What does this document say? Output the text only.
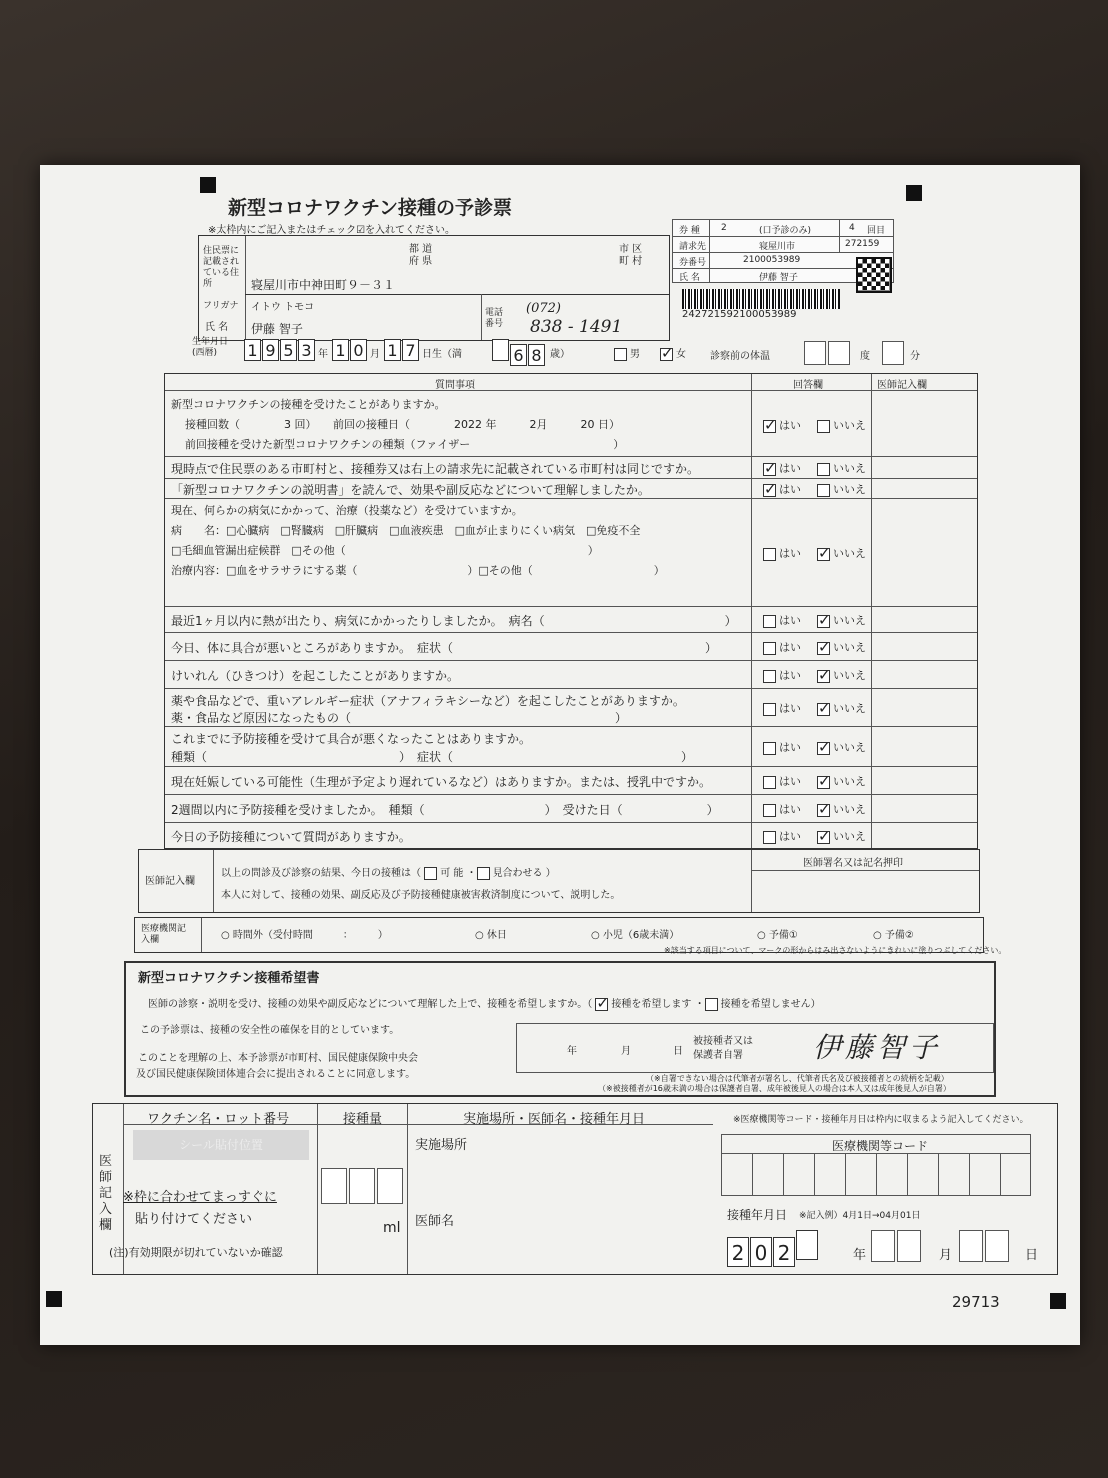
新型コロナワクチン接種の予診票
※太枠内にご記入またはチェック☑を入れてください。	券 種 2	(口予診のみ)	4 回目
請求先	寝屋川市	272159
券番号	2100053989
氏 名	伊藤 智子
242721592100053989
住民票に記載されている住所
都 道
府 県
市 区
町 村
寝屋川市中神田町９－３１
フリガナ イトウ トモコ
氏 名 伊藤 智子
電話番号
(072)
838 - 1491
生年月日(西暦)	1 9 5 3 年 1 0 月 1 7 日生（満	6 8 歳）	男 ✓	女 診察前の体温	度	分
質問事項	回答欄	医師記入欄
新型コロナワクチンの接種を受けたことがありますか。
接種回数（　　　　3 回）　　前回の接種日（　　　　2022 年　　　2月　　　20 日）
前回接種を受けた新型コロナワクチンの種類（ファイザー　　　　　　　　　　　　　）
✓はい	いいえ
現時点で住民票のある市町村と、接種券又は右上の請求先に記載されている市町村は同じですか。 ✓	はい	いいえ
「新型コロナワクチンの説明書」を読んで、効果や副反応などについて理解しましたか。 ✓	はい	いいえ
現在、何らかの病気にかかって、治療（投薬など）を受けていますか。
病　　名：□心臓病　□腎臓病　□肝臓病　□血液疾患　□血が止まりにくい病気　□免疫不全
□毛細血管漏出症候群　□その他（　　　　　　　　　　　　　　　　　　　　　　）
治療内容：□血をサラサラにする薬（　　　　　　　　　　）□その他（　　　　　　　　　　　）
はい ✓	いいえ
最近1ヶ月以内に熱が出たり、病気にかかったりしましたか。　病名（　　　　　　　　　　　　　　　）	はい ✓	いいえ
今日、体に具合が悪いところがありますか。　症状（　　　　　　　　　　　　　　　　　　　　　）	はい ✓	いいえ
けいれん（ひきつけ）を起こしたことがありますか。	はい ✓	いいえ
薬や食品などで、重いアレルギー症状（アナフィラキシーなど）を起こしたことがありますか。
薬・食品など原因になったもの（　　　　　　　　　　　　　　　　　　　　　　）
はい ✓	いいえ
これまでに予防接種を受けて具合が悪くなったことはありますか。
種類（　　　　　　　　　　　　　　　　）　症状（　　　　　　　　　　　　　　　　　　　）
はい ✓	いいえ
現在妊娠している可能性（生理が予定より遅れているなど）はありますか。または、授乳中ですか。	はい ✓	いいえ
2週間以内に予防接種を受けましたか。　種類（　　　　　　　　　　）　受けた日（　　　　　　　）	はい ✓	いいえ
今日の予防接種について質問がありますか。	はい ✓	いいえ
医師記入欄
以上の問診及び診察の結果、今日の接種は（ 可 能 ・ 見合わせる ）
本人に対して、接種の効果、副反応及び予防接種健康被害救済制度について、説明した。
医師署名又は記名押印
医療機関記入欄	○ 時間外（受付時間　　　：　　　）	○ 休日	○ 小児（6歳未満）	○ 予備①	○ 予備②
※該当する項目について、マークの形からはみ出さないようにきれいに塗りつぶしてください。
新型コロナワクチン接種希望書
医師の診察・説明を受け、接種の効果や副反応などについて理解した上で、接種を希望しますか。（ ✓ 接種を希望します ・ 接種を希望しません）
この予診票は、接種の安全性の確保を目的としています。
このことを理解の上、本予診票が市町村、国民健康保険中央会
及び国民健康保険団体連合会に提出されることに同意します。
年	月	日
被接種者又は
保護者自署	伊藤智子
（※自署できない場合は代筆者が署名し、代筆者氏名及び被接種者との続柄を記載）
（※被接種者が16歳未満の場合は保護者自署、成年被後見人の場合は本人又は成年後見人が自署）
医師記入欄
ワクチン名・ロット番号	接種量	実施場所・医師名・接種年月日	※医療機関等コード・接種年月日は枠内に収まるよう記入してください。
シール貼付位置
※枠に合わせてまっすぐに
貼り付けてください
(注)有効期限が切れていないか確認
ml
実施場所
医師名
医療機関等コード
接種年月日 ※記入例）4月1日→04月01日
2 0 2	年	月	日
29713
